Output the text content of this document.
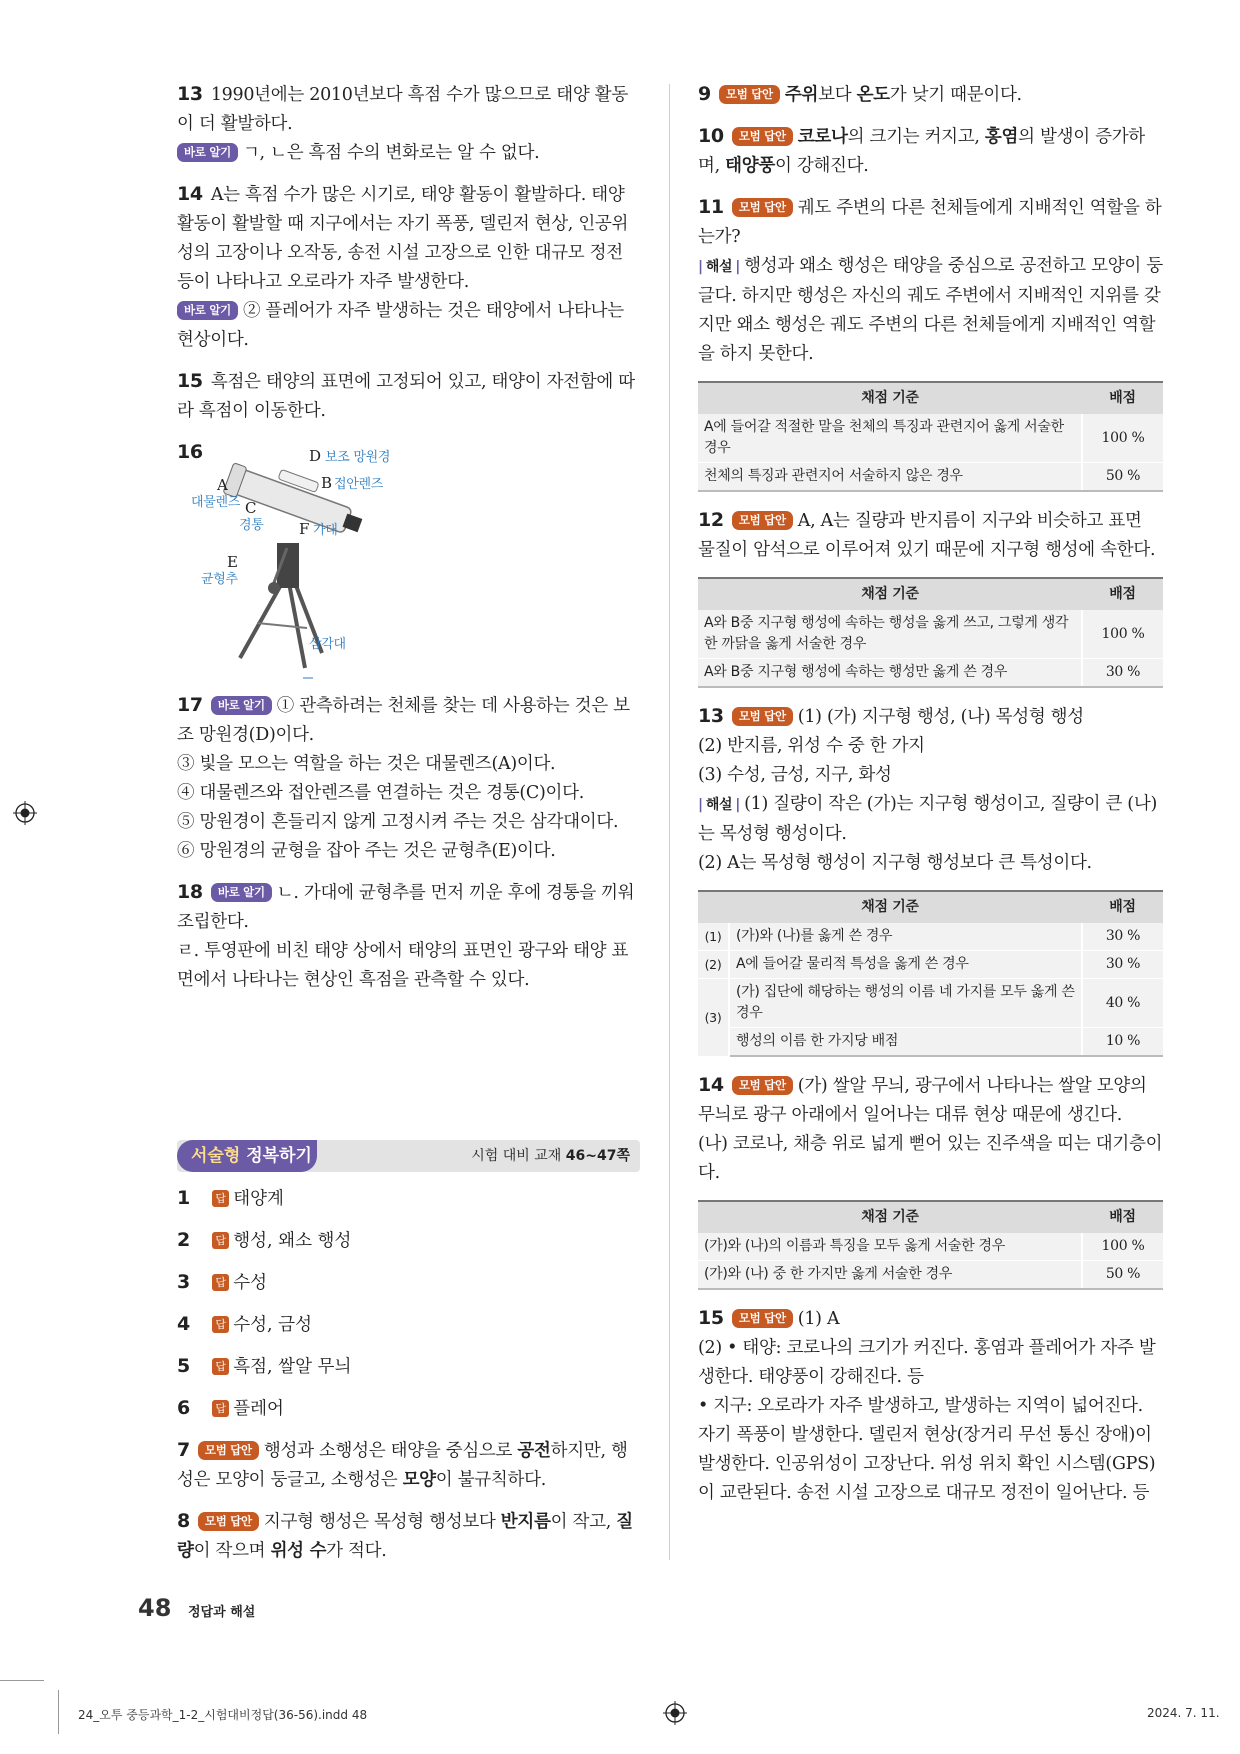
13 1990년에는 2010년보다 흑점 수가 많으므로 태양 활동이 더 활발하다.

바로 알기 ㄱ, ㄴ은 흑점 수의 변화로는 알 수 없다.

14 A는 흑점 수가 많은 시기로, 태양 활동이 활발하다. 태양 활동이 활발할 때 지구에서는 자기 폭풍, 델린저 현상, 인공위성의 고장이나 오작동, 송전 시설 고장으로 인한 대규모 정전 등이 나타나고 오로라가 자주 발생한다.

바로 알기 ② 플레어가 자주 발생하는 것은 태양에서 나타나는 현상이다.

15 흑점은 태양의 표면에 고정되어 있고, 태양이 자전함에 따라 흑점이 이동한다.

16	D 보조 망원경
B 접안렌즈
A
대물렌즈 C
경통 F 가대
E
균형추
삼각대

17 바로 알기 ① 관측하려는 천체를 찾는 데 사용하는 것은 보조 망원경(D)이다.

③ 빛을 모으는 역할을 하는 것은 대물렌즈(A)이다.

④ 대물렌즈와 접안렌즈를 연결하는 것은 경통(C)이다.

⑤ 망원경이 흔들리지 않게 고정시켜 주는 것은 삼각대이다.

⑥ 망원경의 균형을 잡아 주는 것은 균형추(E)이다.

18 바로 알기 ㄴ. 가대에 균형추를 먼저 끼운 후에 경통을 끼워 조립한다.

ㄹ. 투영판에 비친 태양 상에서 태양의 표면인 광구와 태양 표면에서 나타나는 현상인 흑점을 관측할 수 있다.

서술형 정복하기	시험 대비 교재 46~47쪽
1 답 태양계
2 답 행성, 왜소 행성
3 답 수성
4 답 수성, 금성
5 답 흑점, 쌀알 무늬
6 답 플레어

7 모범 답안 행성과 소행성은 태양을 중심으로 공전하지만, 행성은 모양이 둥글고, 소행성은 모양이 불규칙하다.

8 모범 답안 지구형 행성은 목성형 행성보다 반지름이 작고, 질량이 작으며 위성 수가 적다.

9 모범 답안 주위보다 온도가 낮기 때문이다.

10 모범 답안 코로나의 크기는 커지고, 홍염의 발생이 증가하며, 태양풍이 강해진다.

11 모범 답안 궤도 주변의 다른 천체들에게 지배적인 역할을 하는가?

| 해설 | 행성과 왜소 행성은 태양을 중심으로 공전하고 모양이 둥글다. 하지만 행성은 자신의 궤도 주변에서 지배적인 지위를 갖지만 왜소 행성은 궤도 주변의 다른 천체들에게 지배적인 역할을 하지 못한다.

채점 기준	배점
A에 들어갈 적절한 말을 천체의 특징과 관련지어 옳게 서술한 경우	100 %
천체의 특징과 관련지어 서술하지 않은 경우	50 %

12 모범 답안 A, A는 질량과 반지름이 지구와 비슷하고 표면 물질이 암석으로 이루어져 있기 때문에 지구형 행성에 속한다.

채점 기준	배점
A와 B중 지구형 행성에 속하는 행성을 옳게 쓰고, 그렇게 생각한 까닭을 옳게 서술한 경우	100 %
A와 B중 지구형 행성에 속하는 행성만 옳게 쓴 경우	30 %

13 모범 답안 (1) (가) 지구형 행성, (나) 목성형 행성

(2) 반지름, 위성 수 중 한 가지

(3) 수성, 금성, 지구, 화성

| 해설 | (1) 질량이 작은 (가)는 지구형 행성이고, 질량이 큰 (나)는 목성형 행성이다.

(2) A는 목성형 행성이 지구형 행성보다 큰 특성이다.

채점 기준		배점
(1)	(가)와 (나)를 옳게 쓴 경우	30 %
(2)	A에 들어갈 물리적 특성을 옳게 쓴 경우	30 %
(3)	(가) 집단에 해당하는 행성의 이름 네 가지를 모두 옳게 쓴 경우	40 %
	행성의 이름 한 가지당 배점	10 %

14 모범 답안 (가) 쌀알 무늬, 광구에서 나타나는 쌀알 모양의 무늬로 광구 아래에서 일어나는 대류 현상 때문에 생긴다.

(나) 코로나, 채층 위로 넓게 뻗어 있는 진주색을 띠는 대기층이다.

채점 기준	배점
(가)와 (나)의 이름과 특징을 모두 옳게 서술한 경우	100 %
(가)와 (나) 중 한 가지만 옳게 서술한 경우	50 %

15 모범 답안 (1) A

(2) • 태양: 코로나의 크기가 커진다. 홍염과 플레어가 자주 발생한다. 태양풍이 강해진다. 등

• 지구: 오로라가 자주 발생하고, 발생하는 지역이 넓어진다. 자기 폭풍이 발생한다. 델린저 현상(장거리 무선 통신 장애)이 발생한다. 인공위성이 고장난다. 위성 위치 확인 시스템(GPS)이 교란된다. 송전 시설 고장으로 대규모 정전이 일어난다. 등

48 정답과 해설
24_오투 중등과학_1-2_시험대비정답(36-56).indd 48	2024. 7. 11.
